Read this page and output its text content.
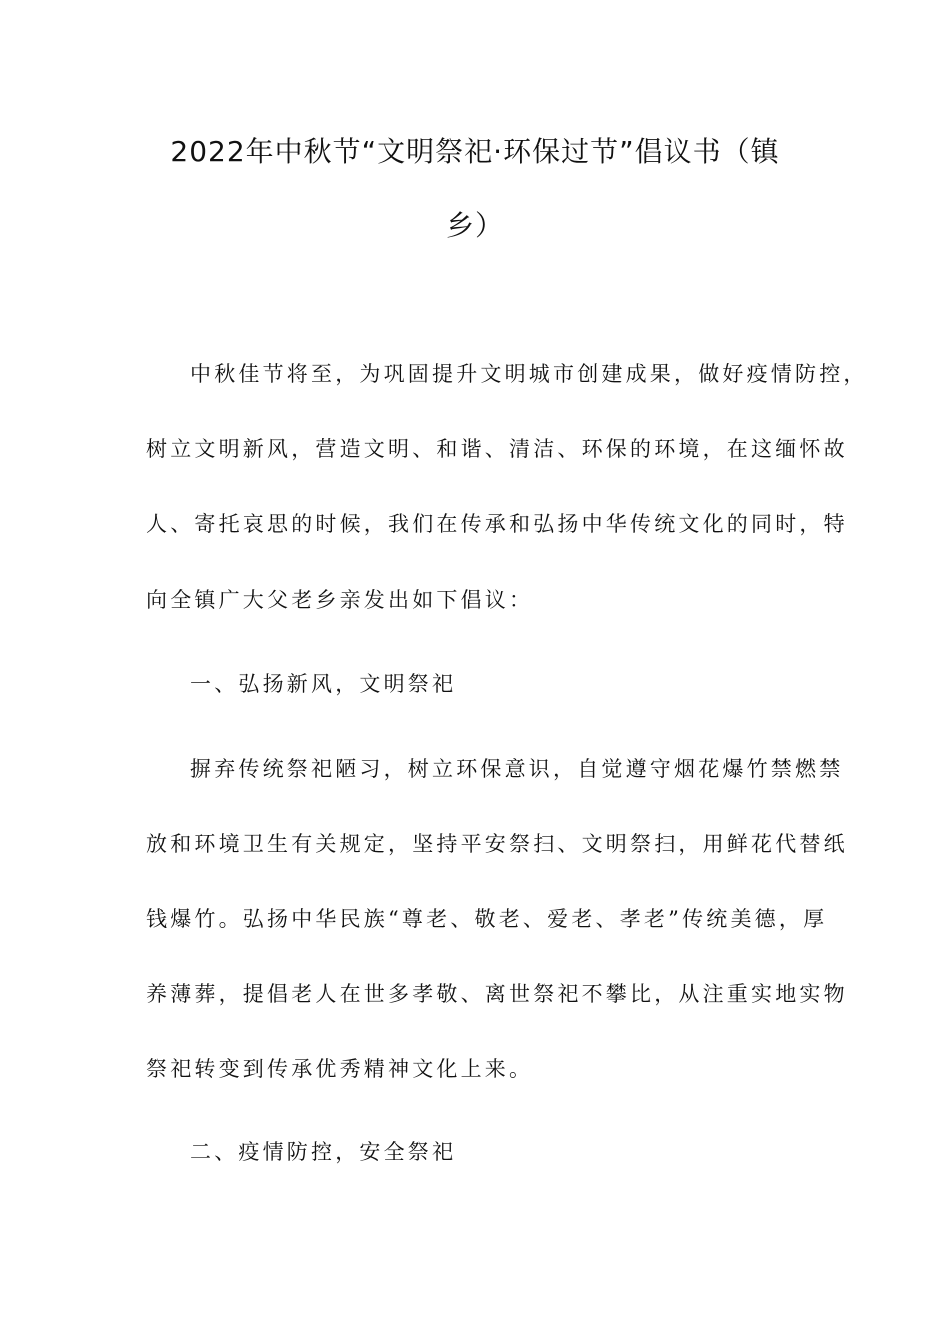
2022年中秋节“文明祭祀·环保过节”倡议书（镇
乡）

中秋佳节将至，为巩固提升文明城市创建成果，做好疫情防控，

树立文明新风，营造文明、和谐、清洁、环保的环境，在这缅怀故

人、寄托哀思的时候，我们在传承和弘扬中华传统文化的同时，特

向全镇广大父老乡亲发出如下倡议：

一、弘扬新风，文明祭祀

摒弃传统祭祀陋习，树立环保意识，自觉遵守烟花爆竹禁燃禁

放和环境卫生有关规定，坚持平安祭扫、文明祭扫，用鲜花代替纸

钱爆竹。弘扬中华民族“尊老、敬老、爱老、孝老”传统美德，厚

养薄葬，提倡老人在世多孝敬、离世祭祀不攀比，从注重实地实物

祭祀转变到传承优秀精神文化上来。

二、疫情防控，安全祭祀
